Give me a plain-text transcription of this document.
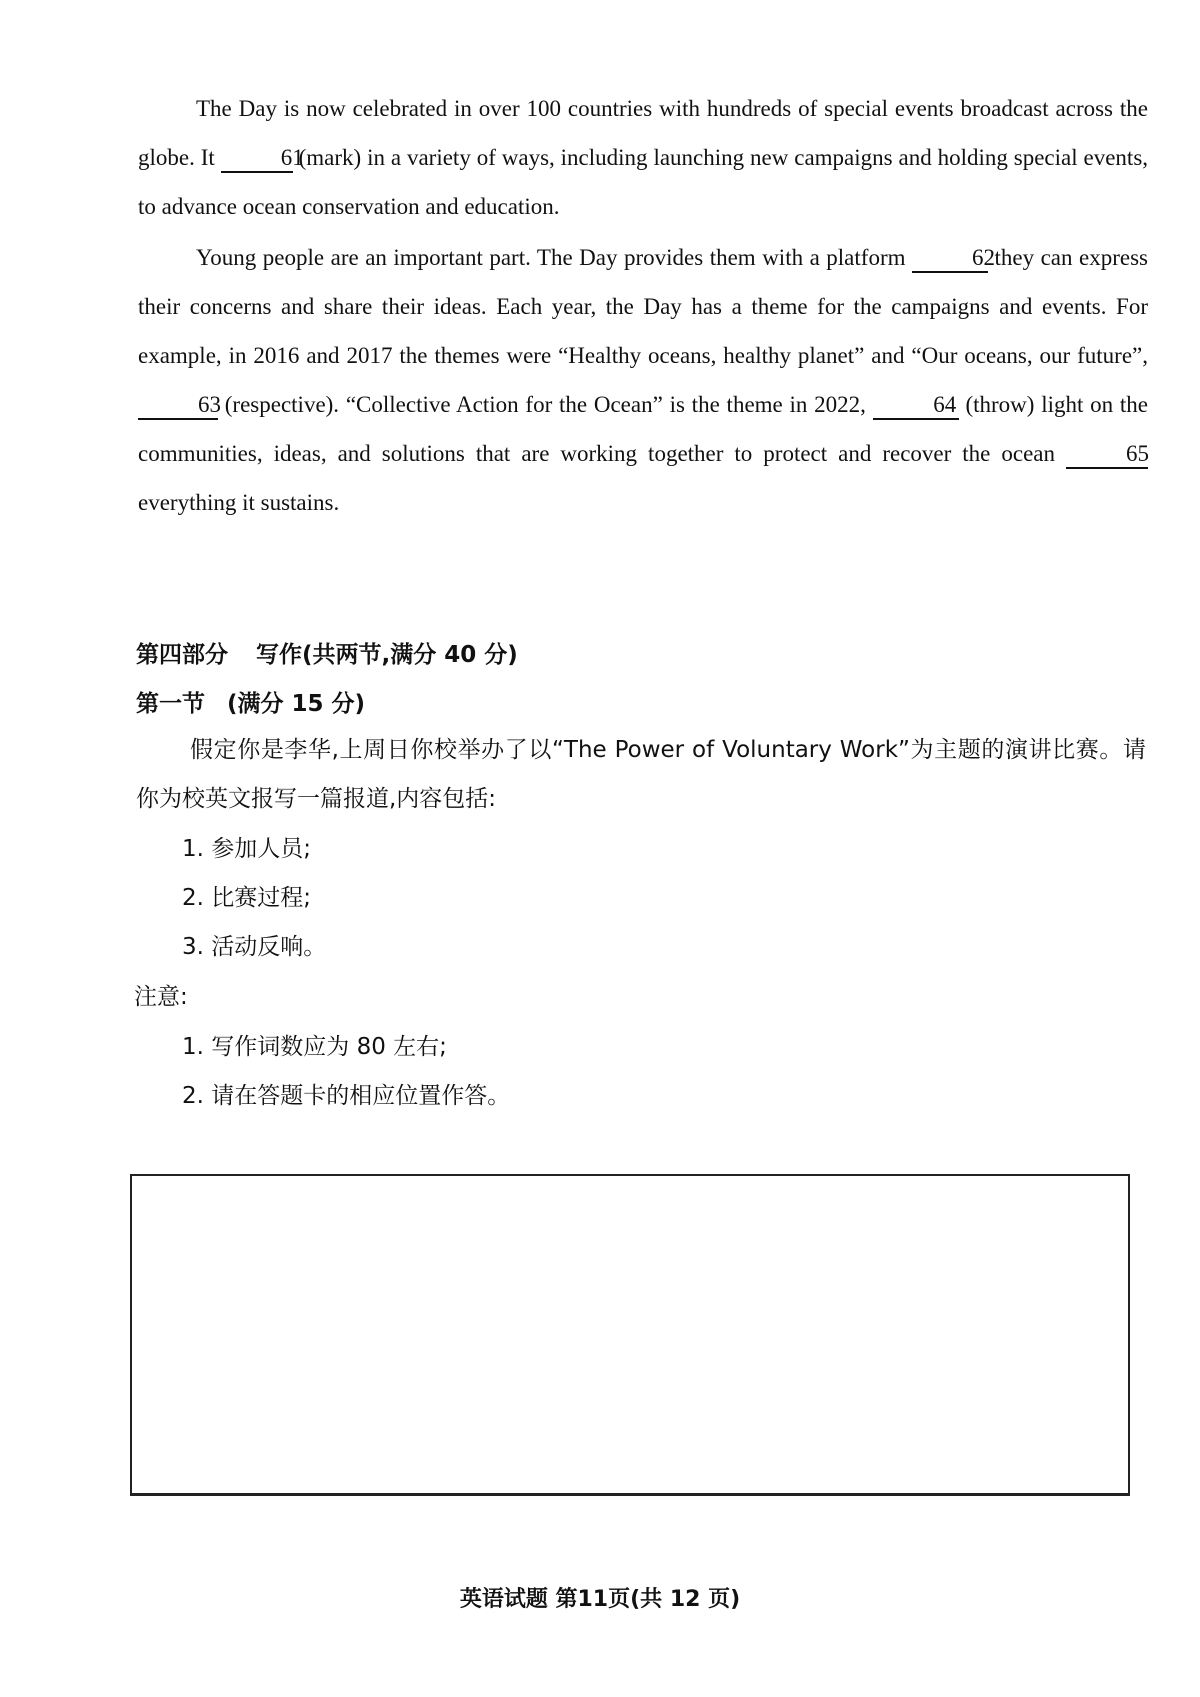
The Day is now celebrated in over 100 countries with hundreds of special events broadcast across the globe. It	61 (mark) in a variety of ways, including launching new campaigns and holding special events, to advance ocean conservation and education.

Young people are an important part. The Day provides them with a platform	62 they can express their concerns and share their ideas. Each year, the Day has a theme for the campaigns and events. For example, in 2016 and 2017 the themes were “Healthy oceans, healthy planet” and “Our oceans, our future”, 63 (respective). “Collective Action for the Ocean” is the theme in 2022,	64 (throw) light on the communities, ideas, and solutions that are working together to protect and recover the ocean	65 everything it sustains.

第四部分 写作(共两节,满分 40 分)

第一节 (满分 15 分)

假定你是李华,上周日你校举办了以“The Power of Voluntary Work”为主题的演讲比赛。请你为校英文报写一篇报道,内容包括:

1. 参加人员;

2. 比赛过程;

3. 活动反响。

注意:

1. 写作词数应为 80 左右;

2. 请在答题卡的相应位置作答。

英语试题 第11页(共 12 页)
